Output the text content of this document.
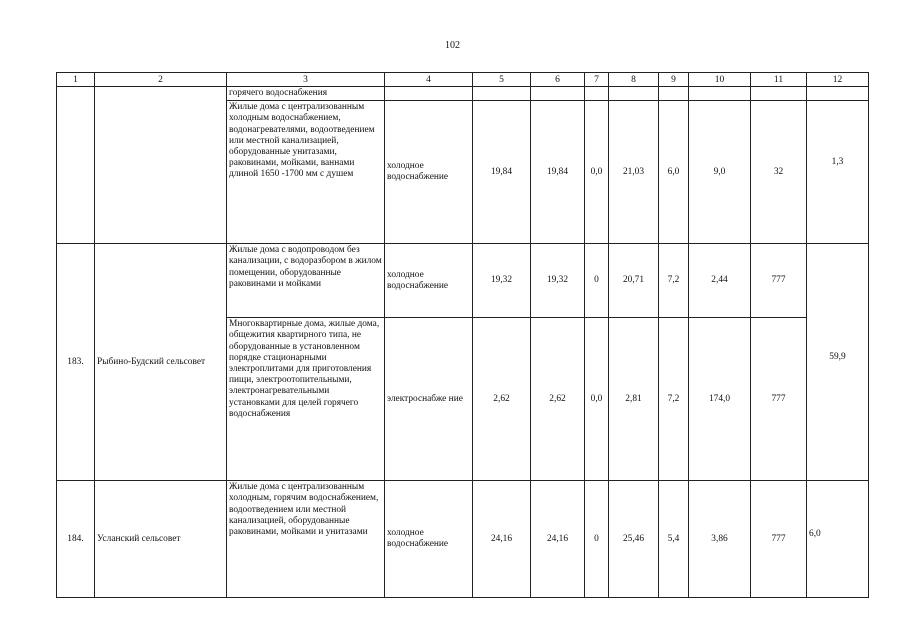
102
1	2	3	4	5	6	7	8	9	10	11	12
		горячего водоснабжения									
		Жилые дома с централизованным холодным водоснабжением, водонагревателями, водоотведением или местной канализацией, оборудованные унитазами, раковинами, мойками, ваннами длиной 1650 -1700 мм с душем	холодное водоснабжение	19,84	19,84	0,0	21,03	6,0	9,0	32	1,3
183.	Рыбино-Будский сельсовет	Жилые дома с водопроводом без канализации, с водоразбором в жилом помещении, оборудованные раковинами и мойками	холодное водоснабжение	19,32	19,32	0	20,71	7,2	2,44	777	59,9
		Многоквартирные дома, жилые дома, общежития квартирного типа, не оборудованные в установленном порядке стационарными электроплитами для приготовления пищи, электроотопительными, электронагревательными установками для целей горячего водоснабжения	электроснабже ние	2,62	2,62	0,0	2,81	7,2	174,0	777	
184.	Усланский сельсовет	Жилые дома с централизованным холодным, горячим водоснабжением, водоотведением или местной канализацией, оборудованные раковинами, мойками и унитазами	холодное водоснабжение	24,16	24,16	0	25,46	5,4	3,86	777	6,0
